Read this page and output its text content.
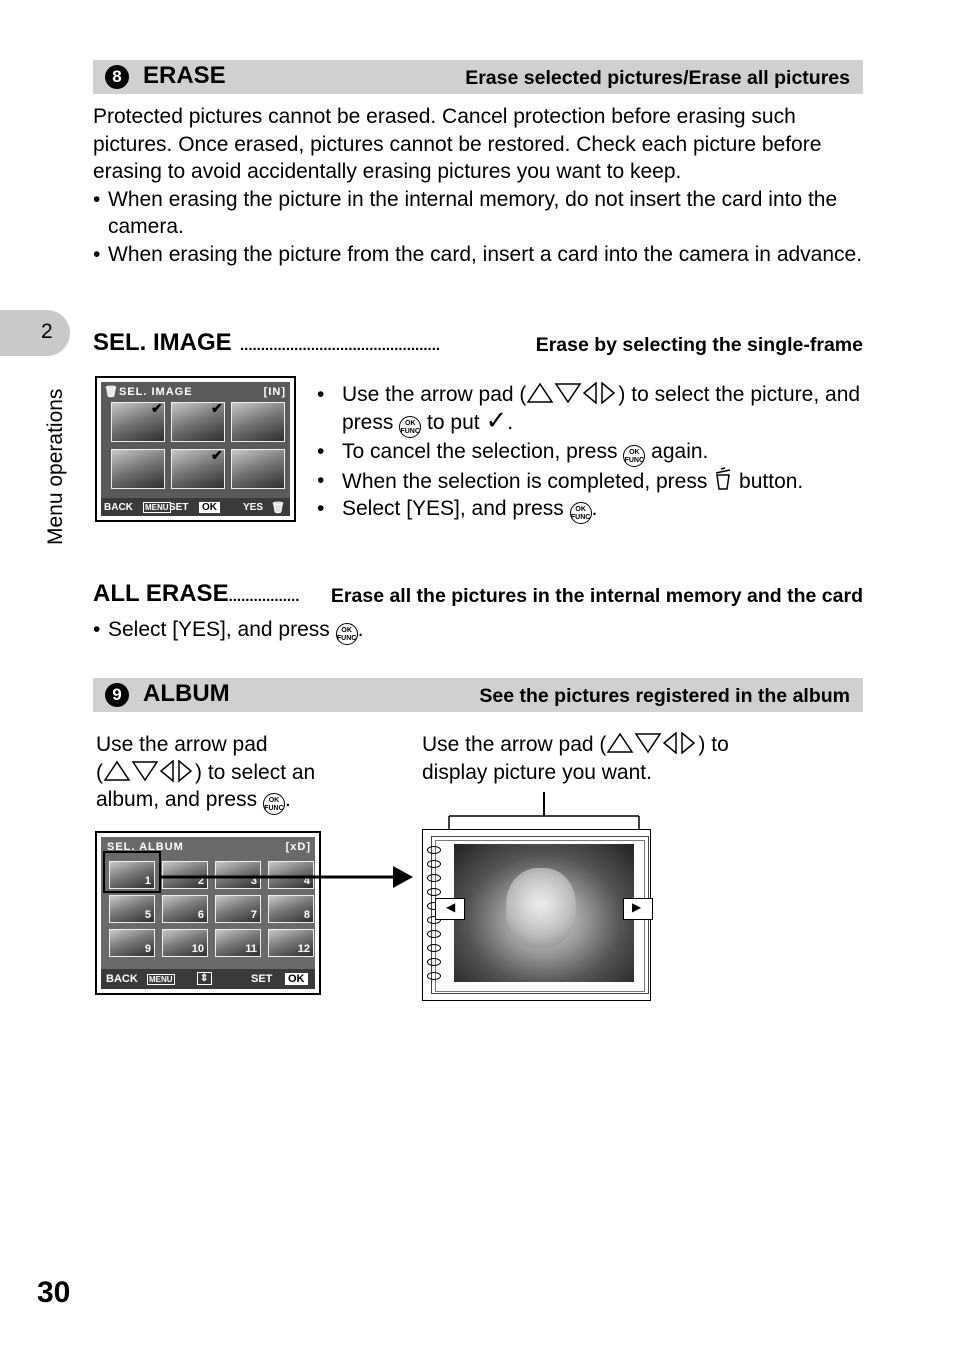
2
Menu operations
8 ERASE	Erase selected pictures/Erase all pictures
Protected pictures cannot be erased. Cancel protection before erasing such pictures. Once erased, pictures cannot be restored. Check each picture before erasing to avoid accidentally erasing pictures you want to keep.
• When erasing the picture in the internal memory, do not insert the card into the camera.
• When erasing the picture from the card, insert a card into the camera in advance.
SEL. IMAGE ................................................	Erase by selecting the single-frame
🗑 SEL. IMAGE	[IN]
✔	✔
✔
BACK MENU SET	OK	YES 🗑
• Use the arrow pad (	) to select the picture, and
press OK
FUNC to put ✓.
• To cancel the selection, press OK
FUNC again.
• When the selection is completed, press button.
• Select [YES], and press OK
FUNC.
ALL ERASE................. Erase all the pictures in the internal memory and the card
• Select [YES], and press OK
FUNC.
9 ALBUM	See the pictures registered in the album
Use the arrow pad
(	) to select an
album, and press OK
FUNC.
Use the arrow pad (	) to
display picture you want.
SEL. ALBUM	[xD]
1	2	3	4
5	6	7	8
9	10	11	12
BACK MENU	⇕	SET OK
◀	▶
30
